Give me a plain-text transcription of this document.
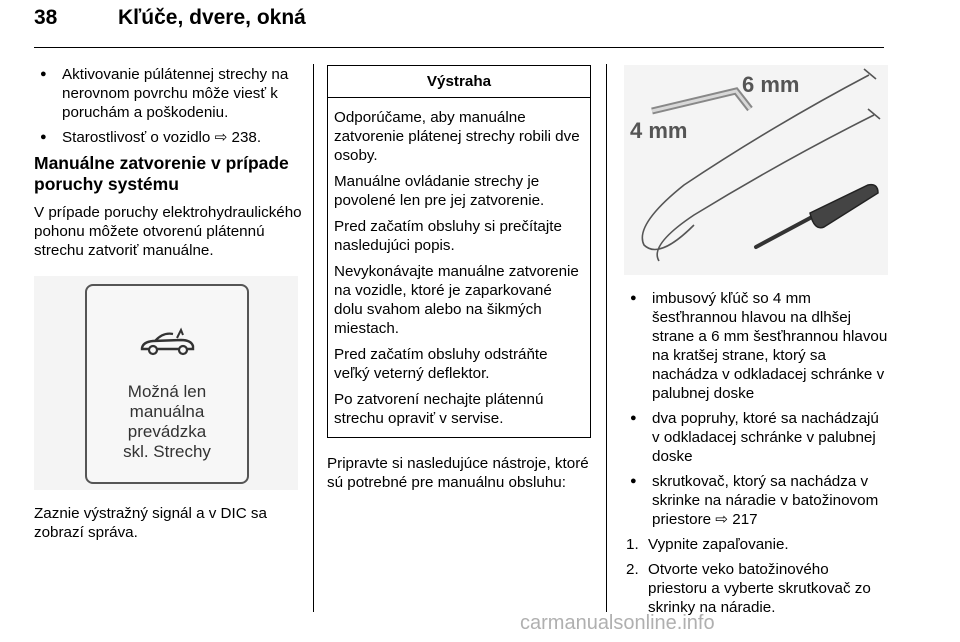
38	Kľúče, dvere, okná
● Aktivovanie púlátennej strechy na nerovnom povrchu môže viesť k poruchám a poškodeniu.
● Starostlivosť o vozidlo ⇨ 238.
Manuálne zatvorenie v prípade poruchy systému

V prípade poruchy elektrohydraulického pohonu môžete otvorenú plátennú strechu zatvoriť manuálne.

Možná len
manuálna
prevádzka
skl. Strechy

Zaznie výstražný signál a v DIC sa zobrazí správa.

Výstraha

Odporúčame, aby manuálne zatvorenie plátenej strechy robili dve osoby.

Manuálne ovládanie strechy je povolené len pre jej zatvorenie.

Pred začatím obsluhy si prečítajte nasledujúci popis.

Nevykonávajte manuálne zatvorenie na vozidle, ktoré je zaparkované dolu svahom alebo na šikmých miestach.

Pred začatím obsluhy odstráňte veľký veterný deflektor.

Po zatvorení nechajte plátennú strechu opraviť v servise.

Pripravte si nasledujúce nástroje, ktoré sú potrebné pre manuálnu obsluhu:

6 mm
4 mm
● imbusový kľúč so 4 mm šesťhrannou hlavou na dlhšej strane a 6 mm šesťhrannou hlavou na kratšej strane, ktorý sa nachádza v odkladacej schránke v palubnej doske
● dva popruhy, ktoré sa nachádzajú v odkladacej schránke v palubnej doske
● skrutkovač, ktorý sa nachádza v skrinke na náradie v batožinovom priestore ⇨ 217
1. Vypnite zapaľovanie.
2. Otvorte veko batožinového priestoru a vyberte skrutkovač zo skrinky na náradie.
carmanualsonline.info
